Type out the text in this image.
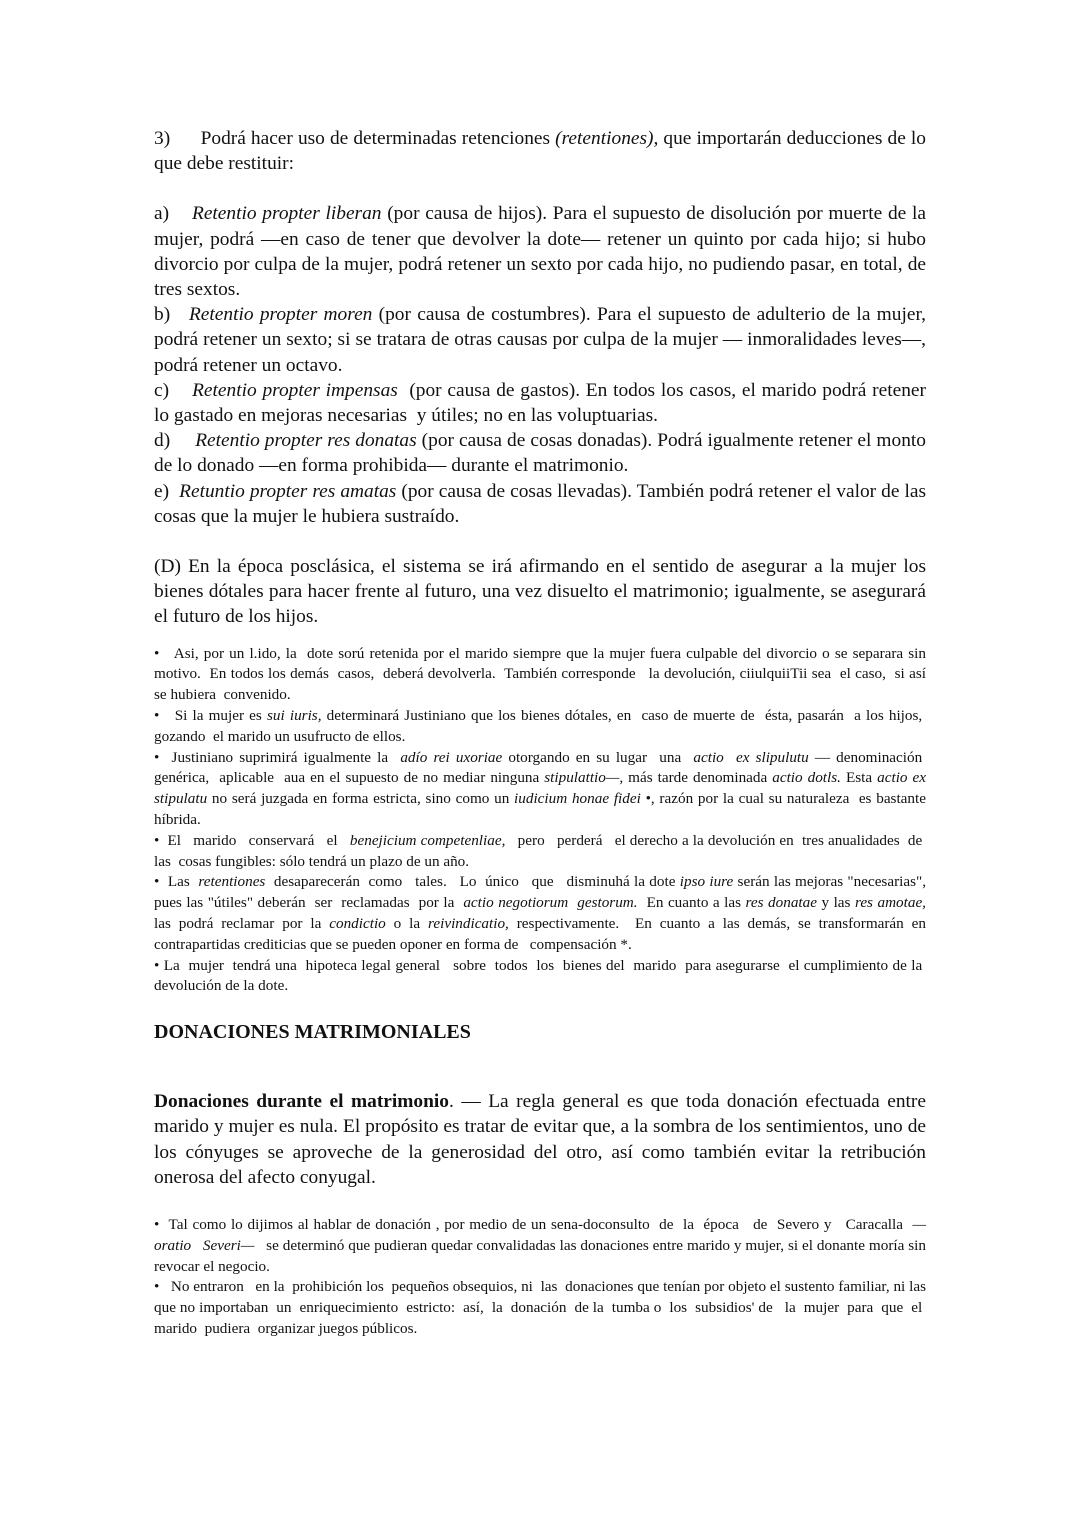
3)      Podrá hacer uso de determinadas retenciones (retentiones), que importarán deducciones de lo que debe restituir:

a)    Retentio propter liberan (por causa de hijos). Para el supuesto de disolución por muerte de la mujer, podrá —en caso de tener que devolver la dote— retener un quinto por cada hijo; si hubo divorcio por culpa de la mujer, podrá retener un sexto por cada hijo, no pudiendo pasar, en total, de tres sextos.

b)   Retentio propter moren (por causa de costumbres). Para el supuesto de adulterio de la mujer, podrá retener un sexto; si se tratara de otras causas por culpa de la mujer — inmoralidades leves—, podrá retener un octavo.

c)    Retentio propter impensas  (por causa de gastos). En todos los casos, el marido podrá retener lo gastado en mejoras necesarias  y útiles; no en las voluptuarias.

d)     Retentio propter res donatas (por causa de cosas donadas). Podrá igualmente retener el monto de lo donado —en forma prohibida— durante el matrimonio.

e)  Retuntio propter res amatas (por causa de cosas llevadas). También podrá retener el valor de las cosas que la mujer le hubiera sustraído.

(D) En la época posclásica, el sistema se irá afirmando en el sentido de asegurar a la mujer los bienes dótales para hacer frente al futuro, una vez disuelto el matrimonio; igualmente, se asegurará el futuro de los hijos.

•   Asi, por un l.ido, la  dote sorú retenida por el marido siempre que la mujer fuera culpable del divorcio o se separara sin motivo.  En todos los demás  casos,  deberá devolverla.  También corresponde   la devolución, ciiulquiiTii sea  el caso,  si así se hubiera  convenido.
•   Si la mujer es sui iuris, determinará Justiniano que los bienes dótales, en  caso de muerte de  ésta, pasarán  a los hijos,  gozando  el marido un usufructo de ellos.
•  Justiniano suprimirá igualmente la  adío rei uxoriae otorgando en su lugar  una  actio  ex slipulutu — denominación  genérica,  aplicable  aua en el supuesto de no mediar ninguna stipulattio—, más tarde denominada actio dotls. Esta actio ex stipulatu no será juzgada en forma estricta, sino como un iudicium honae fidei •, razón por la cual su naturaleza  es bastante híbrida.
•  El   marido   conservará   el   benejicium competenliae,   pero   perderá   el derecho a la devolución en  tres anualidades  de  las  cosas fungibles: sólo tendrá un plazo de un año.
•  Las  retentiones  desaparecerán  como   tales.   Lo  único   que   disminuhá la dote ipso iure serán las mejoras "necesarias", pues las "útiles" deberán  ser  reclamadas  por la  actio negotiorum  gestorum.  En cuanto a las res donatae y las res amotae, las podrá reclamar por la condictio o la reivindicatio, respectivamente.  En cuanto a las demás, se transformarán en contrapartidas crediticias que se pueden oponer en forma de   compensación *.
• La  mujer  tendrá una  hipoteca legal general   sobre  todos  los  bienes del  marido  para asegurarse  el cumplimiento de la  devolución de la dote.
DONACIONES MATRIMONIALES

Donaciones durante el matrimonio. — La regla general es que toda donación efectuada entre marido y mujer es nula. El propósito es tratar de evitar que, a la sombra de los sentimientos, uno de los cónyuges se aproveche de la generosidad del otro, así como también evitar la retribución onerosa del afecto conyugal.

•  Tal como lo dijimos al hablar de donación , por medio de un sena-doconsulto  de  la  época   de  Severo y   Caracalla  —oratio   Severi—   se determinó que pudieran quedar convalidadas las donaciones entre marido y mujer, si el donante moría sin revocar el negocio.
•   No entraron   en la  prohibición los  pequeños obsequios, ni  las  donaciones que tenían por objeto el sustento familiar, ni las que no importaban  un  enriquecimiento  estricto:  así,  la  donación  de la  tumba o  los  subsidios' de   la  mujer  para  que  el  marido  pudiera  organizar juegos públicos.
